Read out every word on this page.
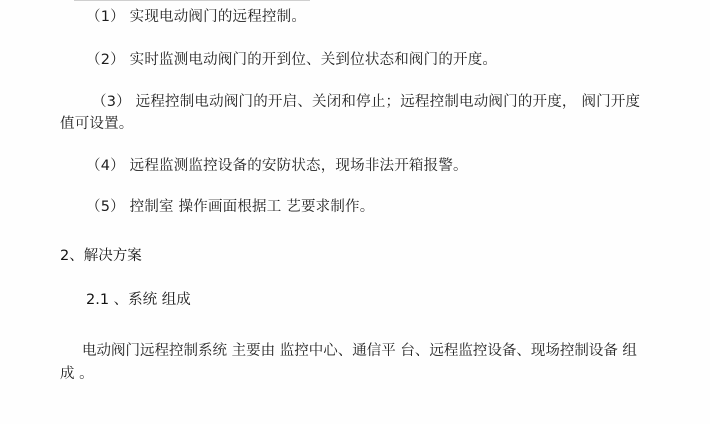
（1） 实现电动阀门的远程控制。

（2） 实时监测电动阀门的开到位、关到位状态和阀门的开度。

（3） 远程控制电动阀门的开启、关闭和停止；远程控制电动阀门的开度， 阀门开度值可设置。

（4） 远程监测监控设备的安防状态，现场非法开箱报警。

（5） 控制室 操作画面根据工 艺要求制作。

2、解决方案

2.1 、系统 组成

电动阀门远程控制系统 主要由 监控中心、通信平 台、远程监控设备、现场控制设备 组成 。
